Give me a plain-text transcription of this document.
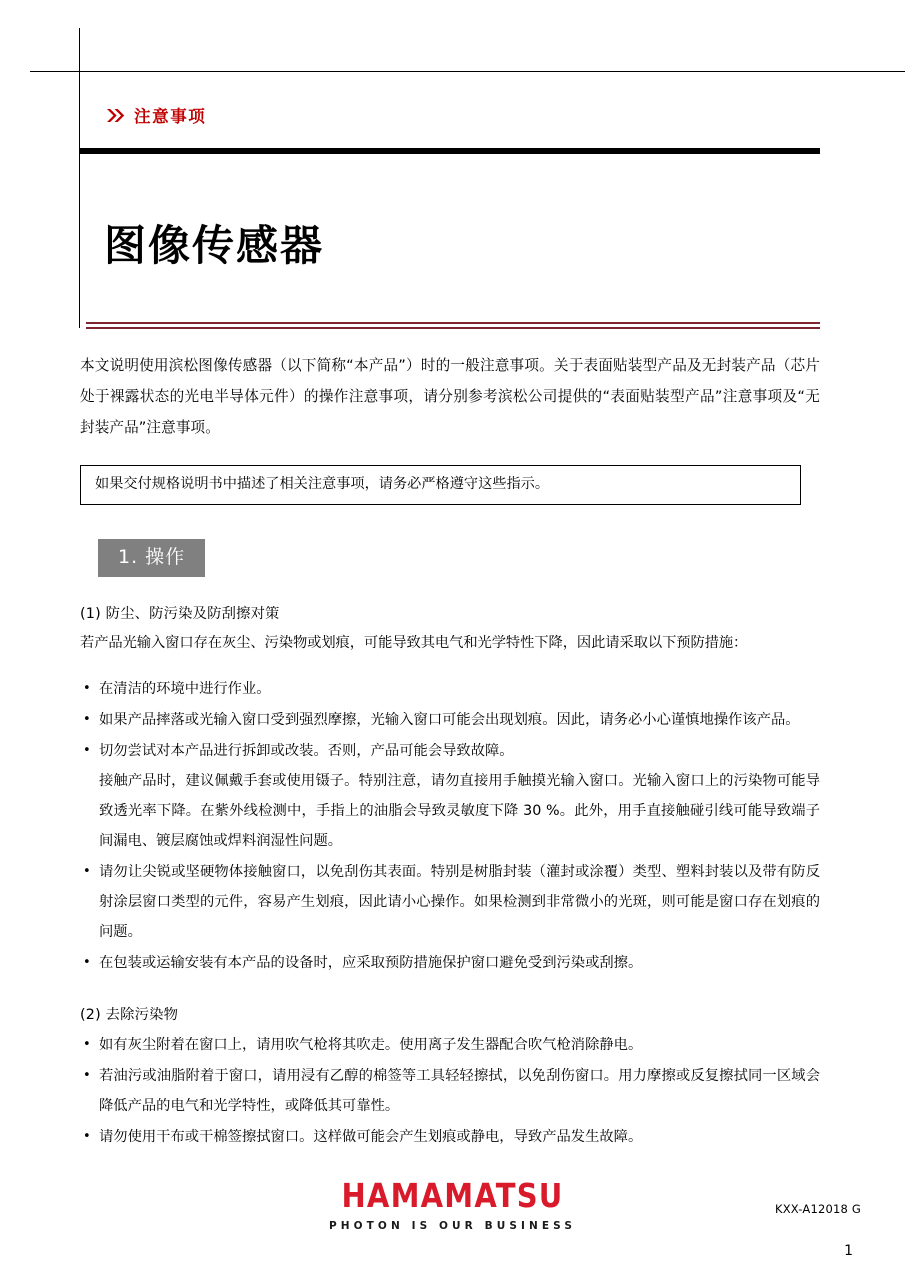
注意事项
图像传感器

本文说明使用滨松图像传感器（以下简称“本产品”）时的一般注意事项。关于表面贴装型产品及无封装产品（芯片处于裸露状态的光电半导体元件）的操作注意事项，请分别参考滨松公司提供的“表面贴装型产品”注意事项及“无封装产品”注意事项。

如果交付规格说明书中描述了相关注意事项，请务必严格遵守这些指示。
1. 操作
(1) 防尘、防污染及防刮擦对策
若产品光输入窗口存在灰尘、污染物或划痕，可能导致其电气和光学特性下降，因此请采取以下预防措施：
• 在清洁的环境中进行作业。
• 如果产品摔落或光输入窗口受到强烈摩擦，光输入窗口可能会出现划痕。因此，请务必小心谨慎地操作该产品。
• 切勿尝试对本产品进行拆卸或改装。否则，产品可能会导致故障。
接触产品时，建议佩戴手套或使用镊子。特别注意，请勿直接用手触摸光输入窗口。光输入窗口上的污染物可能导致透光率下降。在紫外线检测中，手指上的油脂会导致灵敏度下降 30 %。此外，用手直接触碰引线可能导致端子间漏电、镀层腐蚀或焊料润湿性问题。
• 请勿让尖锐或坚硬物体接触窗口，以免刮伤其表面。特别是树脂封装（灌封或涂覆）类型、塑料封装以及带有防反射涂层窗口类型的元件，容易产生划痕，因此请小心操作。如果检测到非常微小的光斑，则可能是窗口存在划痕的问题。
• 在包装或运输安装有本产品的设备时，应采取预防措施保护窗口避免受到污染或刮擦。
(2) 去除污染物
• 如有灰尘附着在窗口上，请用吹气枪将其吹走。使用离子发生器配合吹气枪消除静电。
• 若油污或油脂附着于窗口，请用浸有乙醇的棉签等工具轻轻擦拭，以免刮伤窗口。用力摩擦或反复擦拭同一区域会降低产品的电气和光学特性，或降低其可靠性。
• 请勿使用干布或干棉签擦拭窗口。这样做可能会产生划痕或静电，导致产品发生故障。
HAMAMATSU
PHOTON IS OUR BUSINESS
KXX-A12018 G
1
